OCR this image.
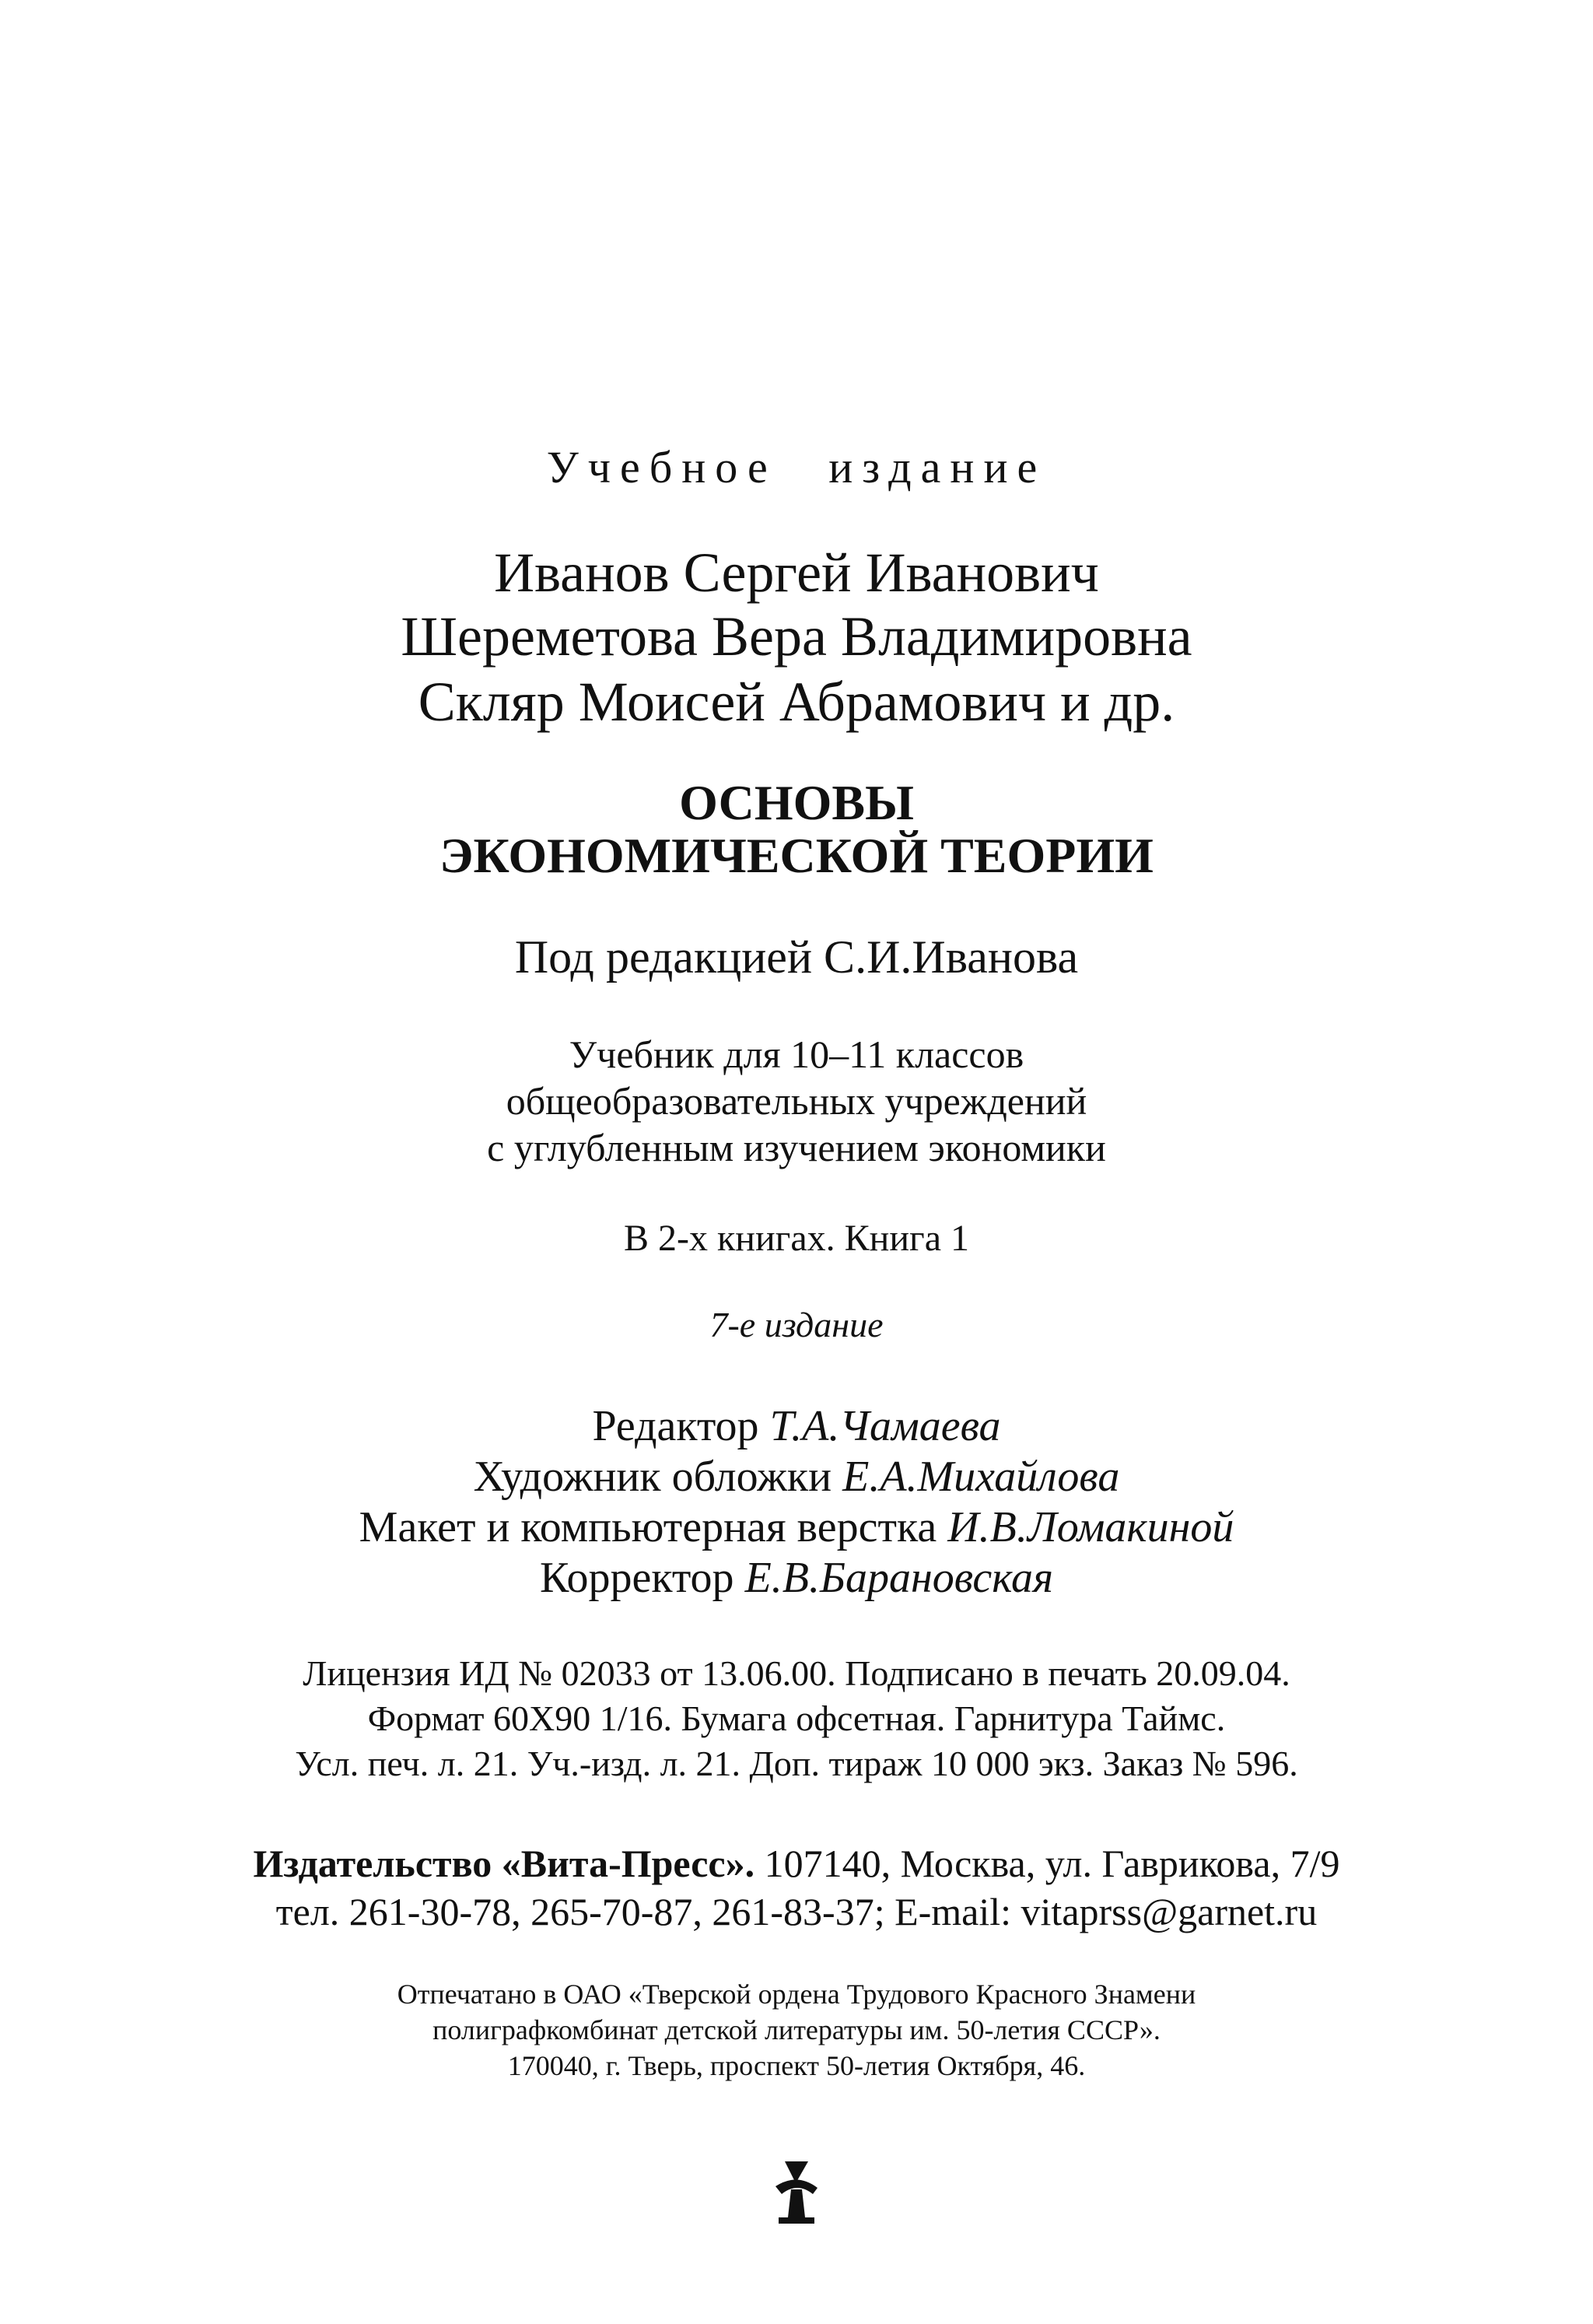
Учебное издание
Иванов Сергей Иванович
Шереметова Вера Владимировна
Скляр Моисей Абрамович и др.
ОСНОВЫ
ЭКОНОМИЧЕСКОЙ ТЕОРИИ
Под редакцией С.И.Иванова
Учебник для 10–11 классов
общеобразовательных учреждений
с углубленным изучением экономики
В 2-х книгах. Книга 1
7-е издание
Редактор Т.А.Чамаева
Художник обложки Е.А.Михайлова
Макет и компьютерная верстка И.В.Ломакиной
Корректор Е.В.Барановская
Лицензия ИД № 02033 от 13.06.00. Подписано в печать 20.09.04.
Формат 60Х90 1/16. Бумага офсетная. Гарнитура Таймс.
Усл. печ. л. 21. Уч.-изд. л. 21. Доп. тираж 10 000 экз. Заказ № 596.
Издательство «Вита-Пресс». 107140, Москва, ул. Гаврикова, 7/9
тел. 261-30-78, 265-70-87, 261-83-37; E-mail: vitaprss@garnet.ru
Отпечатано в ОАО «Тверской ордена Трудового Красного Знамени
полиграфкомбинат детской литературы им. 50-летия СССР».
170040, г. Тверь, проспект 50-летия Октября, 46.
